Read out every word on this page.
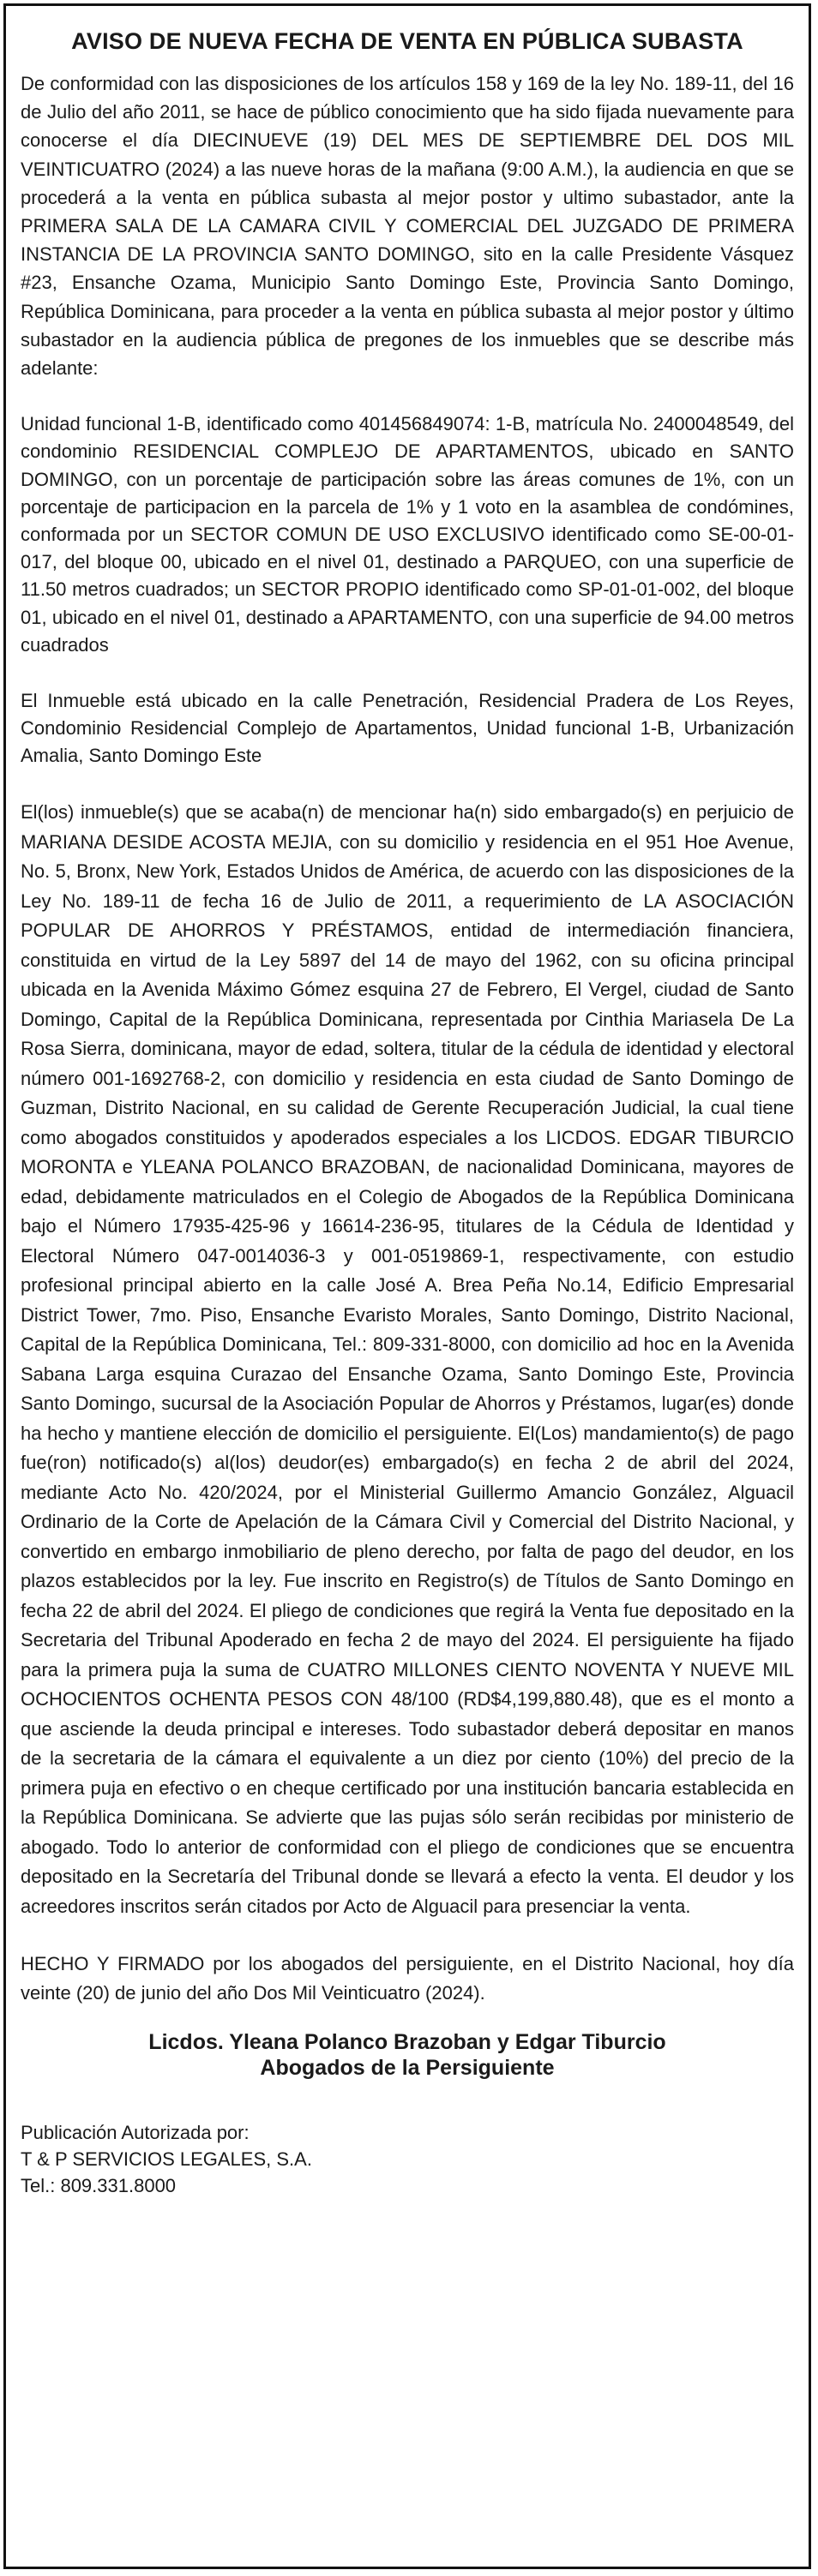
AVISO DE NUEVA FECHA DE VENTA EN PÚBLICA SUBASTA

De conformidad con las disposiciones de los artículos 158 y 169 de la ley No. 189-11, del 16 de Julio del año 2011, se hace de público conocimiento que ha sido fijada nuevamente para conocerse el día DIECINUEVE (19) DEL MES DE SEPTIEMBRE DEL DOS MIL VEINTICUATRO (2024) a las nueve horas de la mañana (9:00 A.M.), la audiencia en que se procederá a la venta en pública subasta al mejor postor y ultimo subastador, ante la PRIMERA SALA DE LA CAMARA CIVIL Y COMERCIAL DEL JUZGADO DE PRIMERA INSTANCIA DE LA PROVINCIA SANTO DOMINGO, sito en la calle Presidente Vásquez #23, Ensanche Ozama, Municipio Santo Domingo Este, Provincia Santo Domingo, República Dominicana, para proceder a la venta en pública subasta al mejor postor y último subastador en la audiencia pública de pregones de los inmuebles que se describe más adelante:

Unidad funcional 1-B, identificado como 401456849074: 1-B, matrícula No. 2400048549, del condominio RESIDENCIAL COMPLEJO DE APARTAMENTOS, ubicado en SANTO DOMINGO, con un porcentaje de participación sobre las áreas comunes de 1%, con un porcentaje de participacion en la parcela de 1% y 1 voto en la asamblea de condómines, conformada por un SECTOR COMUN DE USO EXCLUSIVO identificado como SE-00-01-017, del bloque 00, ubicado en el nivel 01, destinado a PARQUEO, con una superficie de 11.50 metros cuadrados; un SECTOR PROPIO identificado como SP-01-01-002, del bloque 01, ubicado en el nivel 01, destinado a APARTAMENTO, con una superficie de 94.00 metros cuadrados

El Inmueble está ubicado en la calle Penetración, Residencial Pradera de Los Reyes, Condominio Residencial Complejo de Apartamentos, Unidad funcional 1-B, Urbanización Amalia, Santo Domingo Este

El(los) inmueble(s) que se acaba(n) de mencionar ha(n) sido embargado(s) en perjuicio de MARIANA DESIDE ACOSTA MEJIA, con su domicilio y residencia en el 951 Hoe Avenue, No. 5, Bronx, New York, Estados Unidos de América, de acuerdo con las disposiciones de la Ley No. 189-11 de fecha 16 de Julio de 2011, a requerimiento de LA ASOCIACIÓN POPULAR DE AHORROS Y PRÉSTAMOS, entidad de intermediación financiera, constituida en virtud de la Ley 5897 del 14 de mayo del 1962, con su oficina principal ubicada en la Avenida Máximo Gómez esquina 27 de Febrero, El Vergel, ciudad de Santo Domingo, Capital de la República Dominicana, representada por Cinthia Mariasela De La Rosa Sierra, dominicana, mayor de edad, soltera, titular de la cédula de identidad y electoral número 001-1692768-2, con domicilio y residencia en esta ciudad de Santo Domingo de Guzman, Distrito Nacional, en su calidad de Gerente Recuperación Judicial, la cual tiene como abogados constituidos y apoderados especiales a los LICDOS. EDGAR TIBURCIO MORONTA e YLEANA POLANCO BRAZOBAN, de nacionalidad Dominicana, mayores de edad, debidamente matriculados en el Colegio de Abogados de la República Dominicana bajo el Número 17935-425-96 y 16614-236-95, titulares de la Cédula de Identidad y Electoral Número 047-0014036-3 y 001-0519869-1, respectivamente, con estudio profesional principal abierto en la calle José A. Brea Peña No.14, Edificio Empresarial District Tower, 7mo. Piso, Ensanche Evaristo Morales, Santo Domingo, Distrito Nacional, Capital de la República Dominicana, Tel.: 809-331-8000, con domicilio ad hoc en la Avenida Sabana Larga esquina Curazao del Ensanche Ozama, Santo Domingo Este, Provincia Santo Domingo, sucursal de la Asociación Popular de Ahorros y Préstamos, lugar(es) donde ha hecho y mantiene elección de domicilio el persiguiente. El(Los) mandamiento(s) de pago fue(ron) notificado(s) al(los) deudor(es) embargado(s) en fecha 2 de abril del 2024, mediante Acto No. 420/2024, por el Ministerial Guillermo Amancio González, Alguacil Ordinario de la Corte de Apelación de la Cámara Civil y Comercial del Distrito Nacional, y convertido en embargo inmobiliario de pleno derecho, por falta de pago del deudor, en los plazos establecidos por la ley. Fue inscrito en Registro(s) de Títulos de Santo Domingo en fecha 22 de abril del 2024. El pliego de condiciones que regirá la Venta fue depositado en la Secretaria del Tribunal Apoderado en fecha 2 de mayo del 2024. El persiguiente ha fijado para la primera puja la suma de CUATRO MILLONES CIENTO NOVENTA Y NUEVE MIL OCHOCIENTOS OCHENTA PESOS CON 48/100 (RD$4,199,880.48), que es el monto a que asciende la deuda principal e intereses. Todo subastador deberá depositar en manos de la secretaria de la cámara el equivalente a un diez por ciento (10%) del precio de la primera puja en efectivo o en cheque certificado por una institución bancaria establecida en la República Dominicana. Se advierte que las pujas sólo serán recibidas por ministerio de abogado. Todo lo anterior de conformidad con el pliego de condiciones que se encuentra depositado en la Secretaría del Tribunal donde se llevará a efecto la venta. El deudor y los acreedores inscritos serán citados por Acto de Alguacil para presenciar la venta.

HECHO Y FIRMADO por los abogados del persiguiente, en el Distrito Nacional, hoy día veinte (20) de junio del año Dos Mil Veinticuatro (2024).

Licdos. Yleana Polanco Brazoban y Edgar Tiburcio
Abogados de la Persiguiente
Publicación Autorizada por:
T & P SERVICIOS LEGALES, S.A.
Tel.: 809.331.8000
